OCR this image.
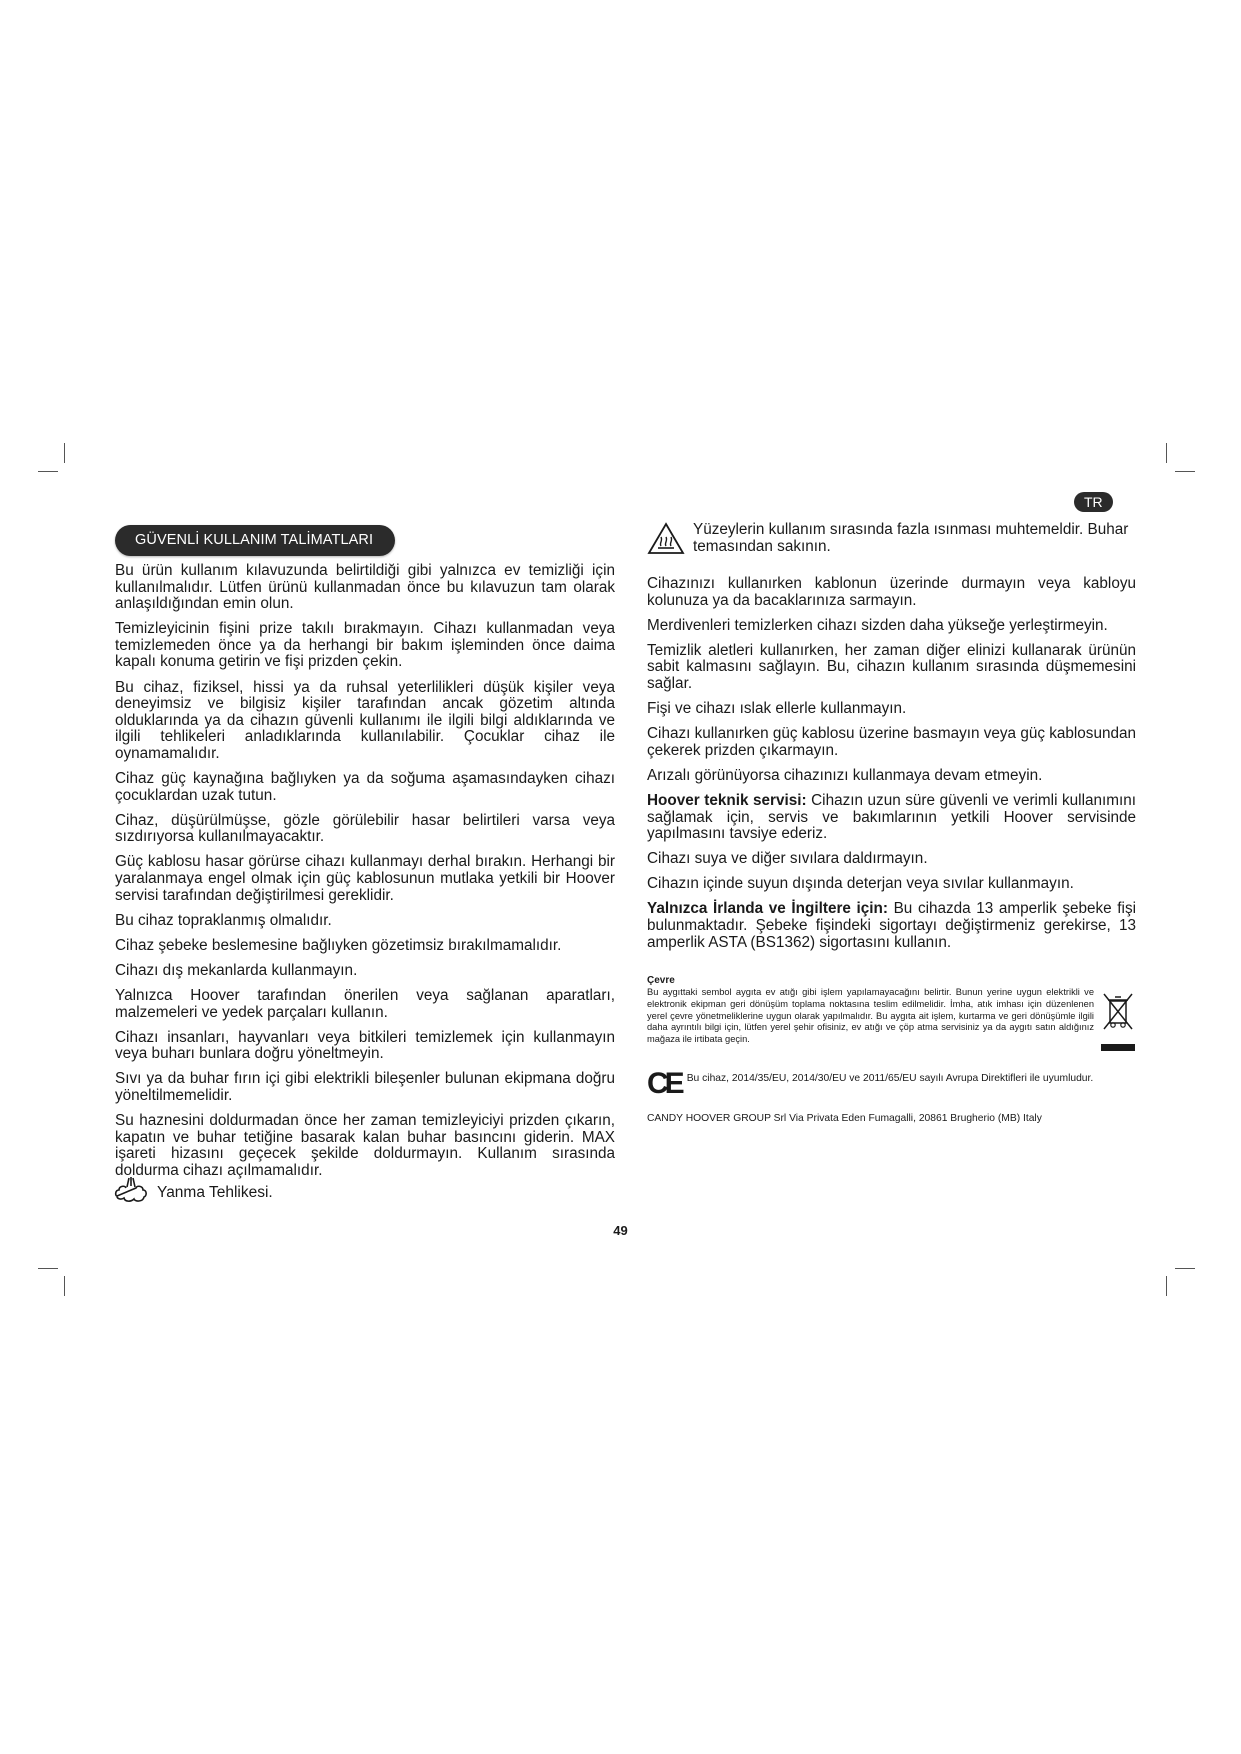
GÜVENLİ KULLANIM TALİMATLARI
TR

Bu ürün kullanım kılavuzunda belirtildiği gibi yalnızca ev temizliği için kullanılmalıdır. Lütfen ürünü kullanmadan önce bu kılavuzun tam olarak anlaşıldığından emin olun.

Temizleyicinin fişini prize takılı bırakmayın. Cihazı kullanmadan veya temizlemeden önce ya da herhangi bir bakım işleminden önce daima kapalı konuma getirin ve fişi prizden çekin.

Bu cihaz, fiziksel, hissi ya da ruhsal yeterlilikleri düşük kişiler veya deneyimsiz ve bilgisiz kişiler tarafından ancak gözetim altında olduklarında ya da cihazın güvenli kullanımı ile ilgili bilgi aldıklarında ve ilgili tehlikeleri anladıklarında kullanılabilir. Çocuklar cihaz ile oynamamalıdır.

Cihaz güç kaynağına bağlıyken ya da soğuma aşamasındayken cihazı çocuklardan uzak tutun.

Cihaz, düşürülmüşse, gözle görülebilir hasar belirtileri varsa veya sızdırıyorsa kullanılmayacaktır.

Güç kablosu hasar görürse cihazı kullanmayı derhal bırakın. Herhangi bir yaralanmaya engel olmak için güç kablosunun mutlaka yetkili bir Hoover servisi tarafından değiştirilmesi gereklidir.

Bu cihaz topraklanmış olmalıdır.

Cihaz şebeke beslemesine bağlıyken gözetimsiz bırakılmamalıdır.

Cihazı dış mekanlarda kullanmayın.

Yalnızca Hoover tarafından önerilen veya sağlanan aparatları, malzemeleri ve yedek parçaları kullanın.

Cihazı insanları, hayvanları veya bitkileri temizlemek için kullanmayın veya buharı bunlara doğru yöneltmeyin.

Sıvı ya da buhar fırın içi gibi elektrikli bileşenler bulunan ekipmana doğru yöneltilmemelidir.

Su haznesini doldurmadan önce her zaman temizleyiciyi prizden çıkarın, kapatın ve buhar tetiğine basarak kalan buhar basıncını giderin. MAX işareti hizasını geçecek şekilde doldurmayın. Kullanım sırasında doldurma cihazı açılmamalıdır.

Yanma Tehlikesi.
Yüzeylerin kullanım sırasında fazla ısınması muhtemeldir. Buhar temasından sakının.

Cihazınızı kullanırken kablonun üzerinde durmayın veya kabloyu kolunuza ya da bacaklarınıza sarmayın.

Merdivenleri temizlerken cihazı sizden daha yükseğe yerleştirmeyin.

Temizlik aletleri kullanırken, her zaman diğer elinizi kullanarak ürünün sabit kalmasını sağlayın. Bu, cihazın kullanım sırasında düşmemesini sağlar.

Fişi ve cihazı ıslak ellerle kullanmayın.

Cihazı kullanırken güç kablosu üzerine basmayın veya güç kablosundan çekerek prizden çıkarmayın.

Arızalı görünüyorsa cihazınızı kullanmaya devam etmeyin.

Hoover teknik servisi: Cihazın uzun süre güvenli ve verimli kullanımını sağlamak için, servis ve bakımlarının yetkili Hoover servisinde yapılmasını tavsiye ederiz.

Cihazı suya ve diğer sıvılara daldırmayın.

Cihazın içinde suyun dışında deterjan veya sıvılar kullanmayın.

Yalnızca İrlanda ve İngiltere için: Bu cihazda 13 amperlik şebeke fişi bulunmaktadır. Şebeke fişindeki sigortayı değiştirmeniz gerekirse, 13 amperlik ASTA (BS1362) sigortasını kullanın.

Çevre
Bu aygıttaki sembol aygıta ev atığı gibi işlem yapılamayacağını belirtir. Bunun yerine uygun elektrikli ve elektronik ekipman geri dönüşüm toplama noktasına teslim edilmelidir. İmha, atık imhası için düzenlenen yerel çevre yönetmeliklerine uygun olarak yapılmalıdır. Bu aygıta ait işlem, kurtarma ve geri dönüşümle ilgili daha ayrıntılı bilgi için, lütfen yerel şehir ofisiniz, ev atığı ve çöp atma servisiniz ya da aygıtı satın aldığınız mağaza ile irtibata geçin.
CE Bu cihaz, 2014/35/EU, 2014/30/EU ve 2011/65/EU sayılı Avrupa Direktifleri ile uyumludur.
CANDY HOOVER GROUP Srl Via Privata Eden Fumagalli, 20861 Brugherio (MB) Italy
49
